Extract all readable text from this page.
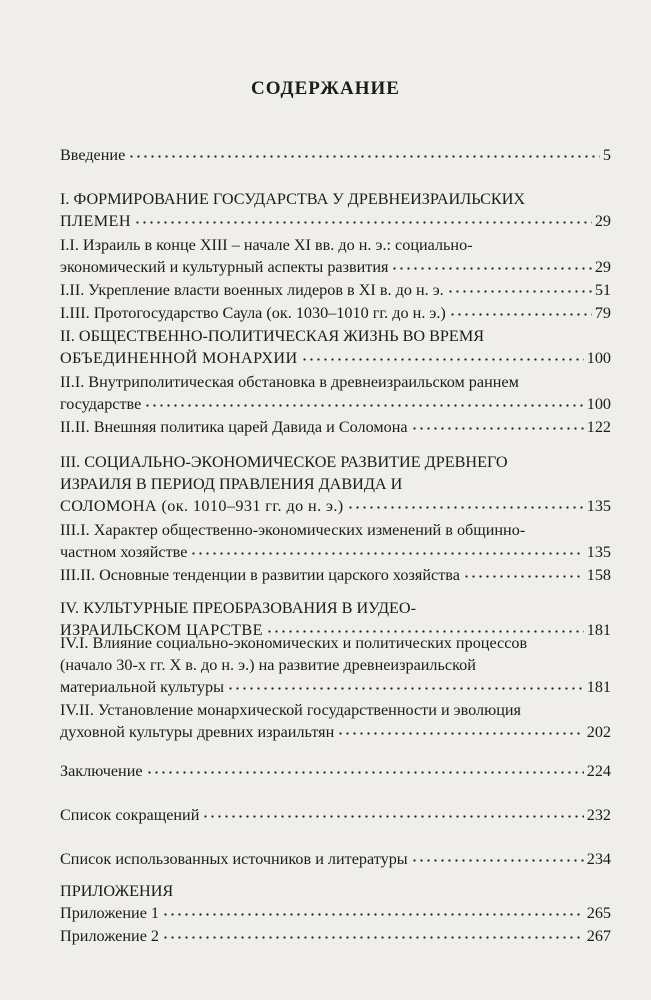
СОДЕРЖАНИЕ
Введение	5
I. ФОРМИРОВАНИЕ ГОСУДАРСТВА У ДРЕВНЕИЗРАИЛЬСКИХ
ПЛЕМЕН	29
I.I. Израиль в конце XIII – начале XI вв. до н. э.: социально-
экономический и культурный аспекты развития	29
I.II. Укрепление власти военных лидеров в XI в. до н. э.	51
I.III. Протогосударство Саула (ок. 1030–1010 гг. до н. э.)	79
II. ОБЩЕСТВЕННО-ПОЛИТИЧЕСКАЯ ЖИЗНЬ ВО ВРЕМЯ
ОБЪЕДИНЕННОЙ МОНАРХИИ	100
II.I. Внутриполитическая обстановка в древнеизраильском раннем
государстве	100
II.II. Внешняя политика царей Давида и Соломона	122
III. СОЦИАЛЬНО-ЭКОНОМИЧЕСКОЕ РАЗВИТИЕ ДРЕВНЕГО
ИЗРАИЛЯ В ПЕРИОД ПРАВЛЕНИЯ ДАВИДА И
СОЛОМОНА (ок. 1010–931 гг. до н. э.)	135
III.I. Характер общественно-экономических изменений в общинно-
частном хозяйстве	135
III.II. Основные тенденции в развитии царского хозяйства	158
IV. КУЛЬТУРНЫЕ ПРЕОБРАЗОВАНИЯ В ИУДЕО-
ИЗРАИЛЬСКОМ ЦАРСТВЕ	181
IV.I. Влияние социально-экономических и политических процессов
(начало 30-х гг. X в. до н. э.) на развитие древнеизраильской
материальной культуры	181
IV.II. Установление монархической государственности и эволюция
духовной культуры древних израильтян	202
Заключение	224
Список сокращений	232
Список использованных источников и литературы	234
ПРИЛОЖЕНИЯ
Приложение 1	265
Приложение 2	267
